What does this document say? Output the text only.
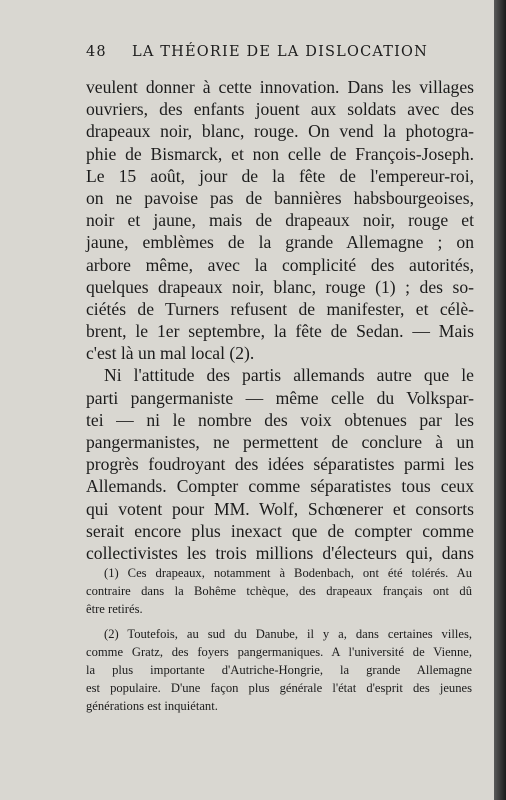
48 LA THÉORIE DE LA DISLOCATION
veulent donner à cette innovation. Dans les villages
ouvriers, des enfants jouent aux soldats avec des
drapeaux noir, blanc, rouge. On vend la photogra-
phie de Bismarck, et non celle de François-Joseph.
Le 15 août, jour de la fête de l'empereur-roi,
on ne pavoise pas de bannières habsbourgeoises,
noir et jaune, mais de drapeaux noir, rouge et
jaune, emblèmes de la grande Allemagne ; on
arbore même, avec la complicité des autorités,
quelques drapeaux noir, blanc, rouge (1) ; des so-
ciétés de Turners refusent de manifester, et célè-
brent, le 1er septembre, la fête de Sedan. — Mais
c'est là un mal local (2).
Ni l'attitude des partis allemands autre que le
parti pangermaniste — même celle du Volkspar-
tei — ni le nombre des voix obtenues par les
pangermanistes, ne permettent de conclure à un
progrès foudroyant des idées séparatistes parmi les
Allemands. Compter comme séparatistes tous ceux
qui votent pour MM. Wolf, Schœnerer et consorts
serait encore plus inexact que de compter comme
collectivistes les trois millions d'électeurs qui, dans
(1) Ces drapeaux, notamment à Bodenbach, ont été tolérés. Au
contraire dans la Bohême tchèque, des drapeaux français ont dû
être retirés.
(2) Toutefois, au sud du Danube, il y a, dans certaines villes,
comme Gratz, des foyers pangermaniques. A l'université de Vienne,
la plus importante d'Autriche-Hongrie, la grande Allemagne
est populaire. D'une façon plus générale l'état d'esprit des jeunes
générations est inquiétant.
